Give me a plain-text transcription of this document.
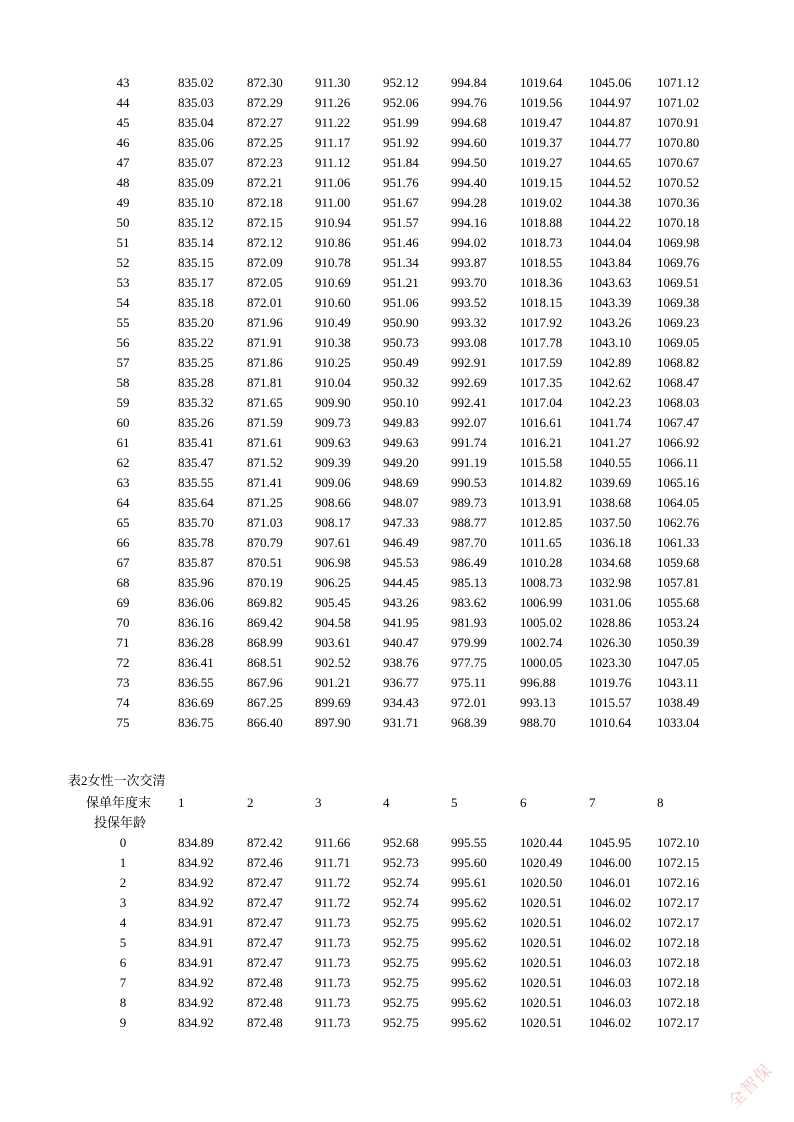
43	835.02	872.30 911.30	952.12 994.84	1019.64 1045.06 1071.12
44	835.03	872.29 911.26	952.06 994.76	1019.56 1044.97 1071.02
45	835.04	872.27 911.22	951.99 994.68	1019.47 1044.87 1070.91
46	835.06	872.25 911.17	951.92 994.60	1019.37 1044.77 1070.80
47	835.07	872.23 911.12	951.84 994.50	1019.27 1044.65 1070.67
48	835.09	872.21 911.06	951.76 994.40	1019.15 1044.52 1070.52
49	835.10	872.18 911.00	951.67 994.28	1019.02 1044.38 1070.36
50	835.12	872.15 910.94 951.57 994.16	1018.88 1044.22 1070.18
51	835.14	872.12 910.86 951.46 994.02	1018.73 1044.04 1069.98
52	835.15	872.09 910.78 951.34 993.87	1018.55 1043.84 1069.76
53	835.17	872.05 910.69 951.21 993.70	1018.36 1043.63 1069.51
54	835.18	872.01 910.60 951.06 993.52	1018.15 1043.39 1069.38
55	835.20	871.96 910.49 950.90 993.32	1017.92 1043.26 1069.23
56	835.22	871.91 910.38 950.73 993.08	1017.78 1043.10 1069.05
57	835.25	871.86 910.25 950.49 992.91	1017.59 1042.89 1068.82
58	835.28	871.81 910.04 950.32 992.69	1017.35 1042.62 1068.47
59	835.32	871.65 909.90 950.10 992.41	1017.04 1042.23 1068.03
60	835.26	871.59 909.73 949.83 992.07	1016.61 1041.74 1067.47
61	835.41	871.61 909.63 949.63 991.74	1016.21 1041.27 1066.92
62	835.47	871.52 909.39 949.20 991.19	1015.58 1040.55 1066.11
63	835.55	871.41 909.06 948.69 990.53	1014.82 1039.69 1065.16
64	835.64	871.25 908.66 948.07 989.73	1013.91 1038.68 1064.05
65	835.70	871.03 908.17 947.33 988.77	1012.85 1037.50 1062.76
66	835.78	870.79 907.61 946.49 987.70	1011.65 1036.18 1061.33
67	835.87	870.51 906.98 945.53 986.49	1010.28 1034.68 1059.68
68	835.96	870.19 906.25 944.45 985.13	1008.73 1032.98 1057.81
69	836.06	869.82 905.45 943.26 983.62	1006.99 1031.06 1055.68
70	836.16	869.42 904.58 941.95 981.93	1005.02 1028.86 1053.24
71	836.28	868.99 903.61 940.47 979.99	1002.74 1026.30 1050.39
72	836.41	868.51 902.52 938.76 977.75	1000.05 1023.30 1047.05
73	836.55	867.96 901.21 936.77 975.11	996.88	1019.76 1043.11
74	836.69	867.25 899.69 934.43 972.01	993.13	1015.57 1038.49
75	836.75	866.40 897.90 931.71 968.39	988.70	1010.64 1033.04
表2女性一次交清
保单年度末
投保年龄
1	2	3	4	5	6	7	8
0	834.89	872.42 911.66	952.68 995.55	1020.44 1045.95 1072.10
1	834.92	872.46 911.71	952.73 995.60	1020.49 1046.00 1072.15
2	834.92	872.47 911.72	952.74 995.61	1020.50 1046.01 1072.16
3	834.92	872.47 911.72	952.74 995.62	1020.51 1046.02 1072.17
4	834.91	872.47 911.73	952.75 995.62	1020.51 1046.02 1072.17
5	834.91	872.47 911.73	952.75 995.62	1020.51 1046.02 1072.18
6	834.91	872.47 911.73	952.75 995.62	1020.51 1046.03 1072.18
7	834.92	872.48 911.73	952.75 995.62	1020.51 1046.03 1072.18
8	834.92	872.48 911.73	952.75 995.62	1020.51 1046.03 1072.18
9	834.92	872.48 911.73	952.75 995.62	1020.51 1046.02 1072.17
全智保
